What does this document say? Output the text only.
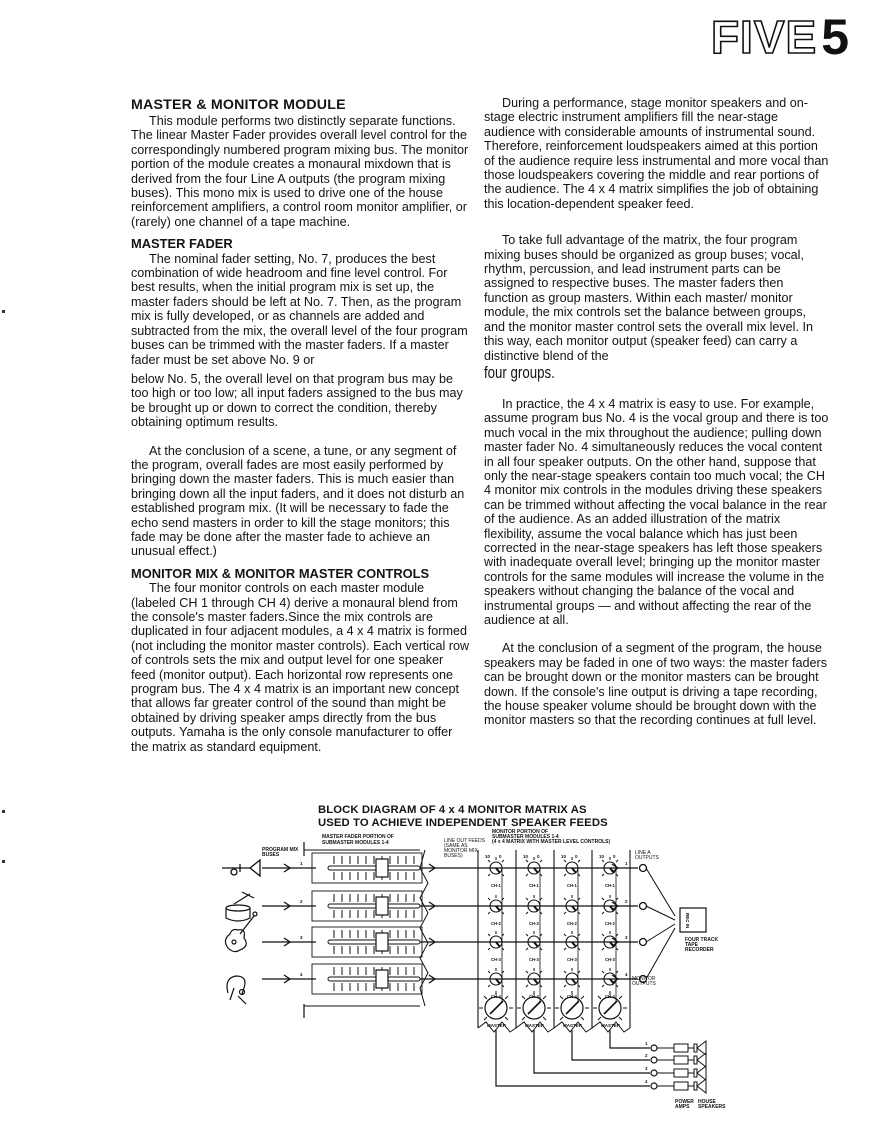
FIVE 5
MASTER & MONITOR MODULE

This module performs two distinctly separate functions. The linear Master Fader provides overall level control for the correspondingly numbered program mixing bus. The monitor portion of the module creates a monaural mixdown that is derived from the four Line A outputs (the program mixing buses). This mono mix is used to drive one of the house reinforcement amplifiers, a control room monitor amplifier, or (rarely) one channel of a tape machine.

MASTER FADER

The nominal fader setting, No. 7, produces the best combination of wide headroom and fine level control. For best results, when the initial program mix is set up, the master faders should be left at No. 7. Then, as the program mix is fully developed, or as channels are added and subtracted from the mix, the overall level of the four program buses can be trimmed with the master faders. If a master fader must be set above No. 9 or

below No. 5, the overall level on that program bus may be too high or too low; all input faders assigned to the bus may be brought up or down to correct the condition, thereby obtaining optimum results.

At the conclusion of a scene, a tune, or any segment of the program, overall fades are most easily performed by bringing down the master faders. This is much easier than bringing down all the input faders, and it does not disturb an established program mix. (It will be necessary to fade the echo send masters in order to kill the stage monitors; this fade may be done after the master fade to achieve an unusual effect.)

MONITOR MIX & MONITOR MASTER CONTROLS

The four monitor controls on each master module (labeled CH 1 through CH 4) derive a monaural blend from the console's master faders.Since the mix controls are duplicated in four adjacent modules, a 4 x 4 matrix is formed (not including the monitor master controls). Each vertical row of controls sets the mix and output level for one speaker feed (monitor output). Each horizontal row represents one program bus. The 4 x 4 matrix is an important new concept that allows far greater control of the sound than might be obtained by driving speaker amps directly from the bus outputs. Yamaha is the only console manufacturer to offer the matrix as standard equipment.

During a performance, stage monitor speakers and on-stage electric instrument amplifiers fill the near-stage audience with considerable amounts of instrumental sound. Therefore, reinforcement loudspeakers aimed at this portion of the audience require less instrumental and more vocal than those loudspeakers covering the middle and rear portions of the audience. The 4 x 4 matrix simplifies the job of obtaining this location-dependent speaker feed.

To take full advantage of the matrix, the four program mixing buses should be organized as group buses; vocal, rhythm, percussion, and lead instrument parts can be assigned to respective buses. The master faders then function as group masters. Within each master/ monitor module, the mix controls set the balance between groups, and the monitor master control sets the overall mix level. In this way, each monitor output (speaker feed) can carry a distinctive blend of the

four groups.

In practice, the 4 x 4 matrix is easy to use. For example, assume program bus No. 4 is the vocal group and there is too much vocal in the mix throughout the audience; pulling down master fader No. 4 simultaneously reduces the vocal content in all four speaker outputs. On the other hand, suppose that only the near-stage speakers contain too much vocal; the CH 4 monitor mix controls in the modules driving these speakers can be trimmed without affecting the vocal balance in the rear of the audience. As an added illustration of the matrix flexibility, assume the vocal balance which has just been corrected in the near-stage speakers has left those speakers with inadequate overall level; bringing up the monitor master controls for the same modules will increase the volume in the speakers without changing the balance of the vocal and instrumental groups — and without affecting the rear of the audience at all.

At the conclusion of a segment of the program, the house speakers may be faded in one of two ways: the master faders can be brought down or the monitor masters can be brought down. If the console's line output is driving a tape recording, the house speaker volume should be brought down with the monitor masters so that the recording continues at full level.

BLOCK DIAGRAM OF 4 x 4 MONITOR MATRIX AS
USED TO ACHIEVE INDEPENDENT SPEAKER FEEDS
PROGRAM MIX
BUSES
MASTER FADER PORTION OF
SUBMASTER MODULES 1-4	LINE OUT FEEDS
(SAME AS
MONITOR MIX
BUSES)
MONITOR PORTION OF
SUBMASTER MODULES 1-4
(4 x 4 MATRIX WITH MASTER LEVEL CONTROLS)
LINE A
OUTPUTS
MONITOR
OUTPUTS
FOUR TRACK
TAPE
RECORDER
POWER
AMPS
HOUSE
SPEAKERS
1
2
3
4
1
2
3
4
10 0	10 0	10 0	10 0
CH-1	CH-1	CH-1	CH-1
CH-2	CH-2	CH-2	CH-2
CH-3	CH-3	CH-3	CH-3
CH-4	CH-4	CH-4	CH-4
MASTER	MASTER	MASTER	MASTER
REC IN
1
2
3
4
